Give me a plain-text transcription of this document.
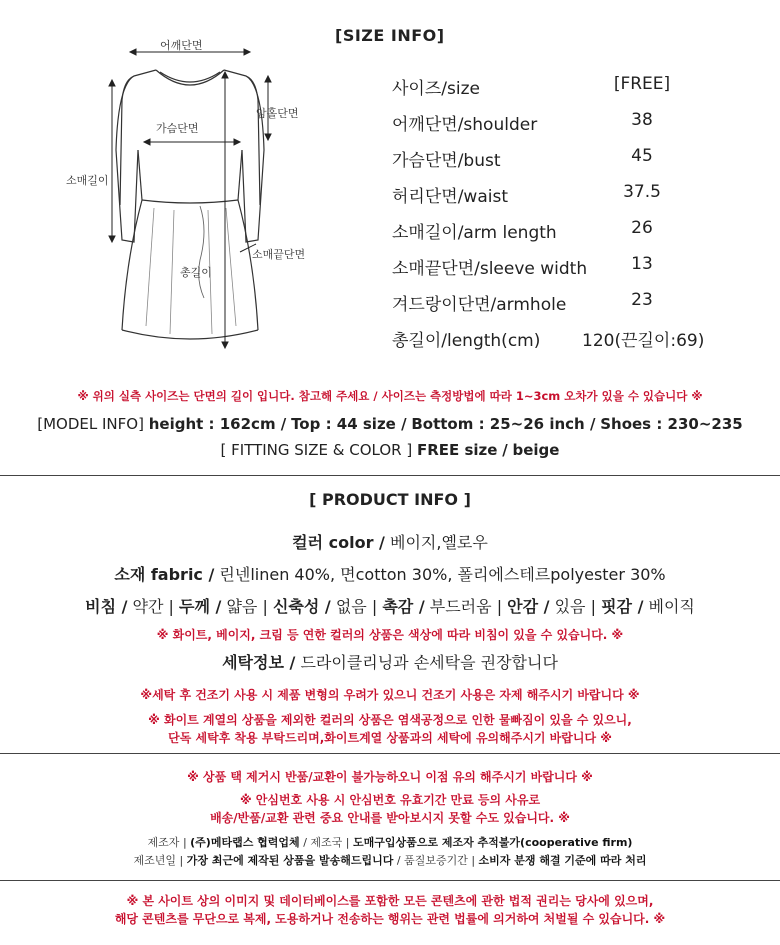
[SIZE INFO]
어깨단면
암홀단면
가슴단면
소매길이
소매끝단면
총길이
사이즈/size	[FREE]
어깨단면/shoulder	38
가슴단면/bust	45
허리단면/waist	37.5
소매길이/arm length	26
소매끝단면/sleeve width	13
겨드랑이단면/armhole	23
총길이/length(cm) 120(끈길이:69)
※ 위의 실측 사이즈는 단면의 길이 입니다. 참고해 주세요 / 사이즈는 측정방법에 따라 1~3cm 오차가 있을 수 있습니다 ※
[MODEL INFO] height : 162cm / Top : 44 size / Bottom : 25~26 inch / Shoes : 230~235
[ FITTING SIZE & COLOR ] FREE size / beige
[ PRODUCT INFO ]
컬러 color / 베이지,옐로우
소재 fabric / 린넨linen 40%, 면cotton 30%, 폴리에스테르polyester 30%
비침 / 약간 | 두께 / 얇음 | 신축성 / 없음 | 촉감 / 부드러움 | 안감 / 있음 | 핏감 / 베이직
※ 화이트, 베이지, 크림 등 연한 컬러의 상품은 색상에 따라 비침이 있을 수 있습니다. ※
세탁정보 / 드라이클리닝과 손세탁을 권장합니다
※세탁 후 건조기 사용 시 제품 변형의 우려가 있으니 건조기 사용은 자제 해주시기 바랍니다 ※
※ 화이트 계열의 상품을 제외한 컬러의 상품은 염색공정으로 인한 물빠짐이 있을 수 있으니,
단독 세탁후 착용 부탁드리며,화이트계열 상품과의 세탁에 유의해주시기 바랍니다 ※
※ 상품 택 제거시 반품/교환이 불가능하오니 이점 유의 해주시기 바랍니다 ※
※ 안심번호 사용 시 안심번호 유효기간 만료 등의 사유로
배송/반품/교환 관련 중요 안내를 받아보시지 못할 수도 있습니다. ※
제조자 | (주)메타랩스 협력업체 / 제조국 | 도매구입상품으로 제조자 추적불가(cooperative firm)
제조년일 | 가장 최근에 제작된 상품을 발송해드립니다 / 품질보증기간 | 소비자 분쟁 해결 기준에 따라 처리
※ 본 사이트 상의 이미지 및 데이터베이스를 포함한 모든 콘텐츠에 관한 법적 권리는 당사에 있으며,
해당 콘텐츠를 무단으로 복제, 도용하거나 전송하는 행위는 관련 법률에 의거하여 처벌될 수 있습니다. ※
